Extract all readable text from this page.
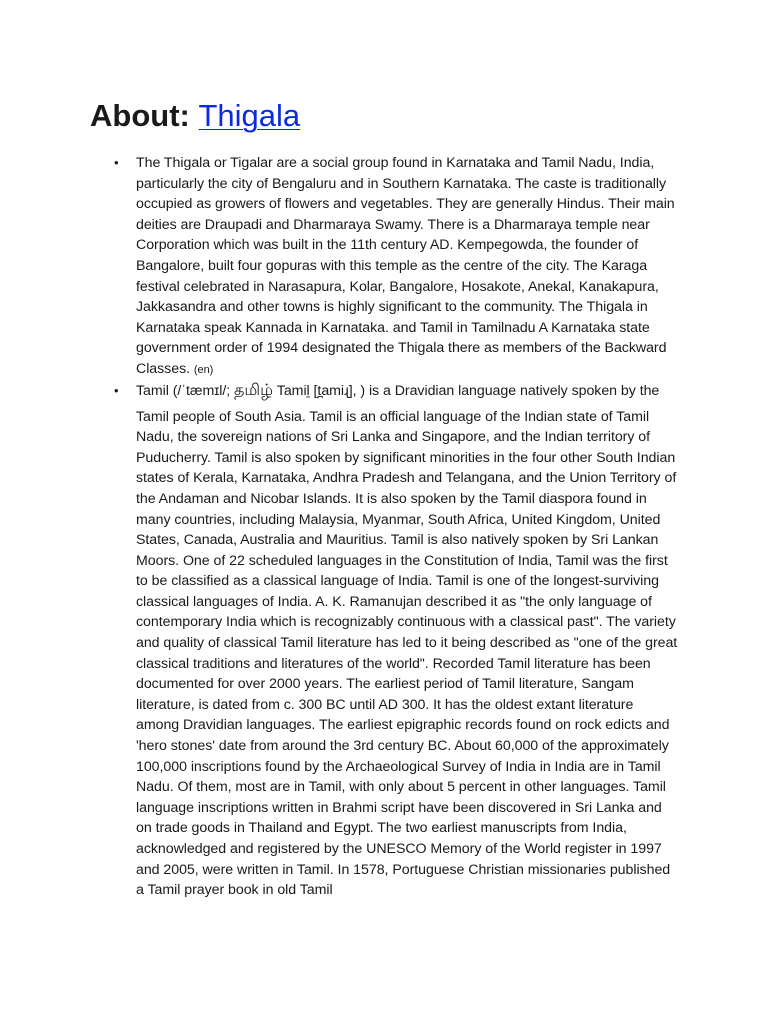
About: Thigala
• The Thigala or Tigalar are a social group found in Karnataka and Tamil Nadu, India, particularly the city of Bengaluru and in Southern Karnataka. The caste is traditionally occupied as growers of flowers and vegetables. They are generally Hindus. Their main deities are Draupadi and Dharmaraya Swamy. There is a Dharmaraya temple near Corporation which was built in the 11th century AD. Kempegowda, the founder of Bangalore, built four gopuras with this temple as the centre of the city. The Karaga festival celebrated in Narasapura, Kolar, Bangalore, Hosakote, Anekal, Kanakapura, Jakkasandra and other towns is highly significant to the community. The Thigala in Karnataka speak Kannada in Karnataka. and Tamil in Tamilnadu A Karnataka state government order of 1994 designated the Thigala there as members of the Backward Classes. (en)
• Tamil (/ˈtæmɪl/; தமிழ் Tamiḻ [t̪amiɻ], ) is a Dravidian language natively spoken by the Tamil people of South Asia. Tamil is an official language of the Indian state of Tamil Nadu, the sovereign nations of Sri Lanka and Singapore, and the Indian territory of Puducherry. Tamil is also spoken by significant minorities in the four other South Indian states of Kerala, Karnataka, Andhra Pradesh and Telangana, and the Union Territory of the Andaman and Nicobar Islands. It is also spoken by the Tamil diaspora found in many countries, including Malaysia, Myanmar, South Africa, United Kingdom, United States, Canada, Australia and Mauritius. Tamil is also natively spoken by Sri Lankan Moors. One of 22 scheduled languages in the Constitution of India, Tamil was the first to be classified as a classical language of India. Tamil is one of the longest-surviving classical languages of India. A. K. Ramanujan described it as "the only language of contemporary India which is recognizably continuous with a classical past". The variety and quality of classical Tamil literature has led to it being described as "one of the great classical traditions and literatures of the world". Recorded Tamil literature has been documented for over 2000 years. The earliest period of Tamil literature, Sangam literature, is dated from c. 300 BC until AD 300. It has the oldest extant literature among Dravidian languages. The earliest epigraphic records found on rock edicts and 'hero stones' date from around the 3rd century BC. About 60,000 of the approximately 100,000 inscriptions found by the Archaeological Survey of India in India are in Tamil Nadu. Of them, most are in Tamil, with only about 5 percent in other languages. Tamil language inscriptions written in Brahmi script have been discovered in Sri Lanka and on trade goods in Thailand and Egypt. The two earliest manuscripts from India, acknowledged and registered by the UNESCO Memory of the World register in 1997 and 2005, were written in Tamil. In 1578, Portuguese Christian missionaries published a Tamil prayer book in old Tamil
